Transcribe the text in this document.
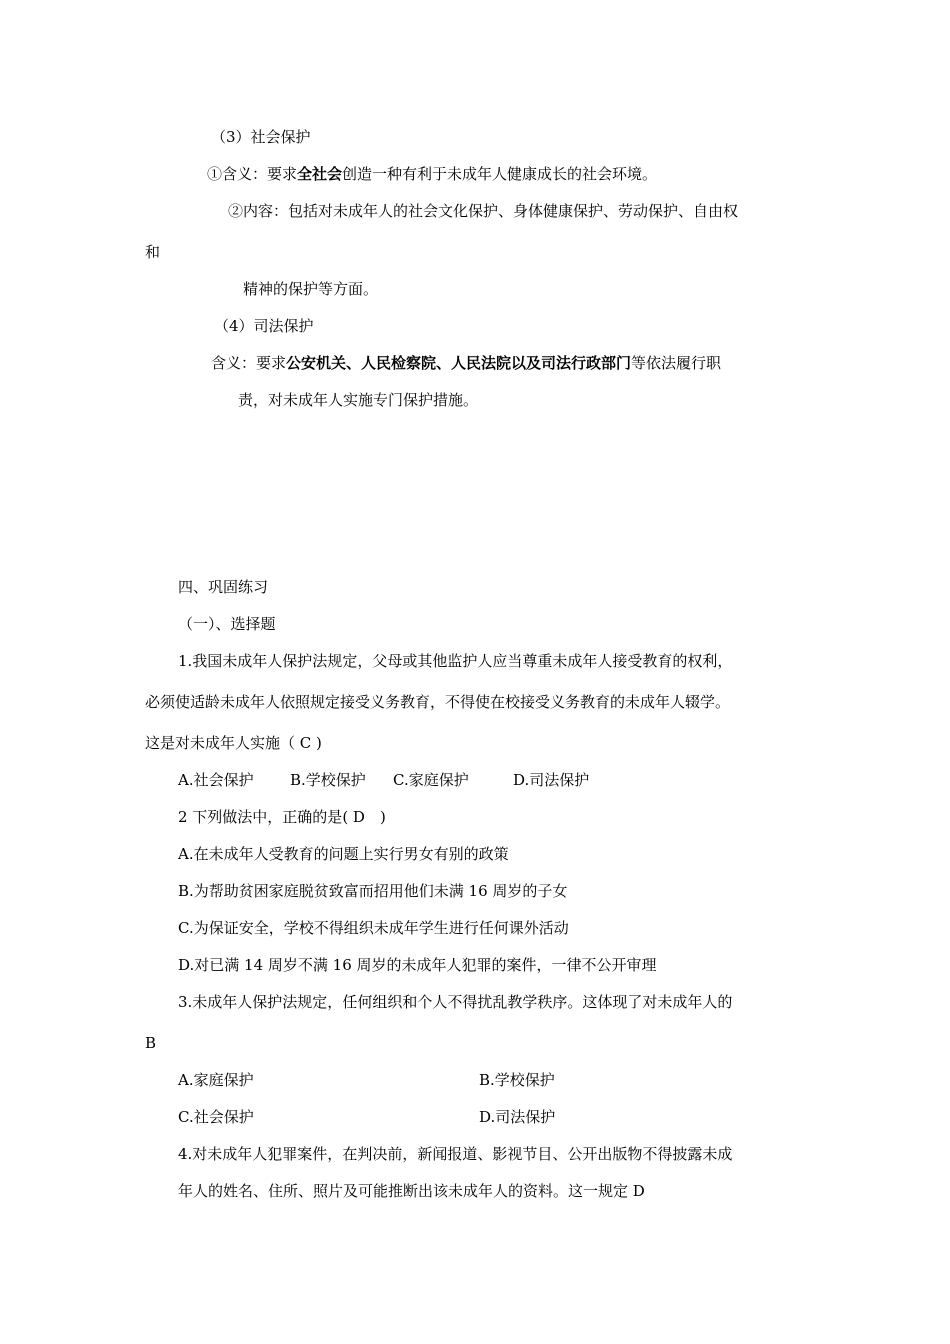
（3）社会保护
①含义：要求全社会创造一种有利于未成年人健康成长的社会环境。
②内容：包括对未成年人的社会文化保护、身体健康保护、劳动保护、自由权
和
精神的保护等方面。
（4）司法保护
含义：要求公安机关、人民检察院、人民法院以及司法行政部门等依法履行职
责，对未成年人实施专门保护措施。
四、巩固练习
（一）、选择题
1.我国未成年人保护法规定，父母或其他监护人应当尊重未成年人接受教育的权利，
必须使适龄未成年人依照规定接受义务教育，不得使在校接受义务教育的未成年人辍学。
这是对未成年人实施（ C )
A.社会保护 B.学校保护 C.家庭保护	D.司法保护
2 下列做法中，正确的是( D　)
A.在未成年人受教育的问题上实行男女有别的政策
B.为帮助贫困家庭脱贫致富而招用他们未满 16 周岁的子女
C.为保证安全，学校不得组织未成年学生进行任何课外活动
D.对已满 14 周岁不满 16 周岁的未成年人犯罪的案件，一律不公开审理
3.未成年人保护法规定，任何组织和个人不得扰乱教学秩序。这体现了对未成年人的
B
A.家庭保护	B.学校保护
C.社会保护	D.司法保护
4.对未成年人犯罪案件，在判决前，新闻报道、影视节目、公开出版物不得披露未成
年人的姓名、住所、照片及可能推断出该未成年人的资料。这一规定 D
